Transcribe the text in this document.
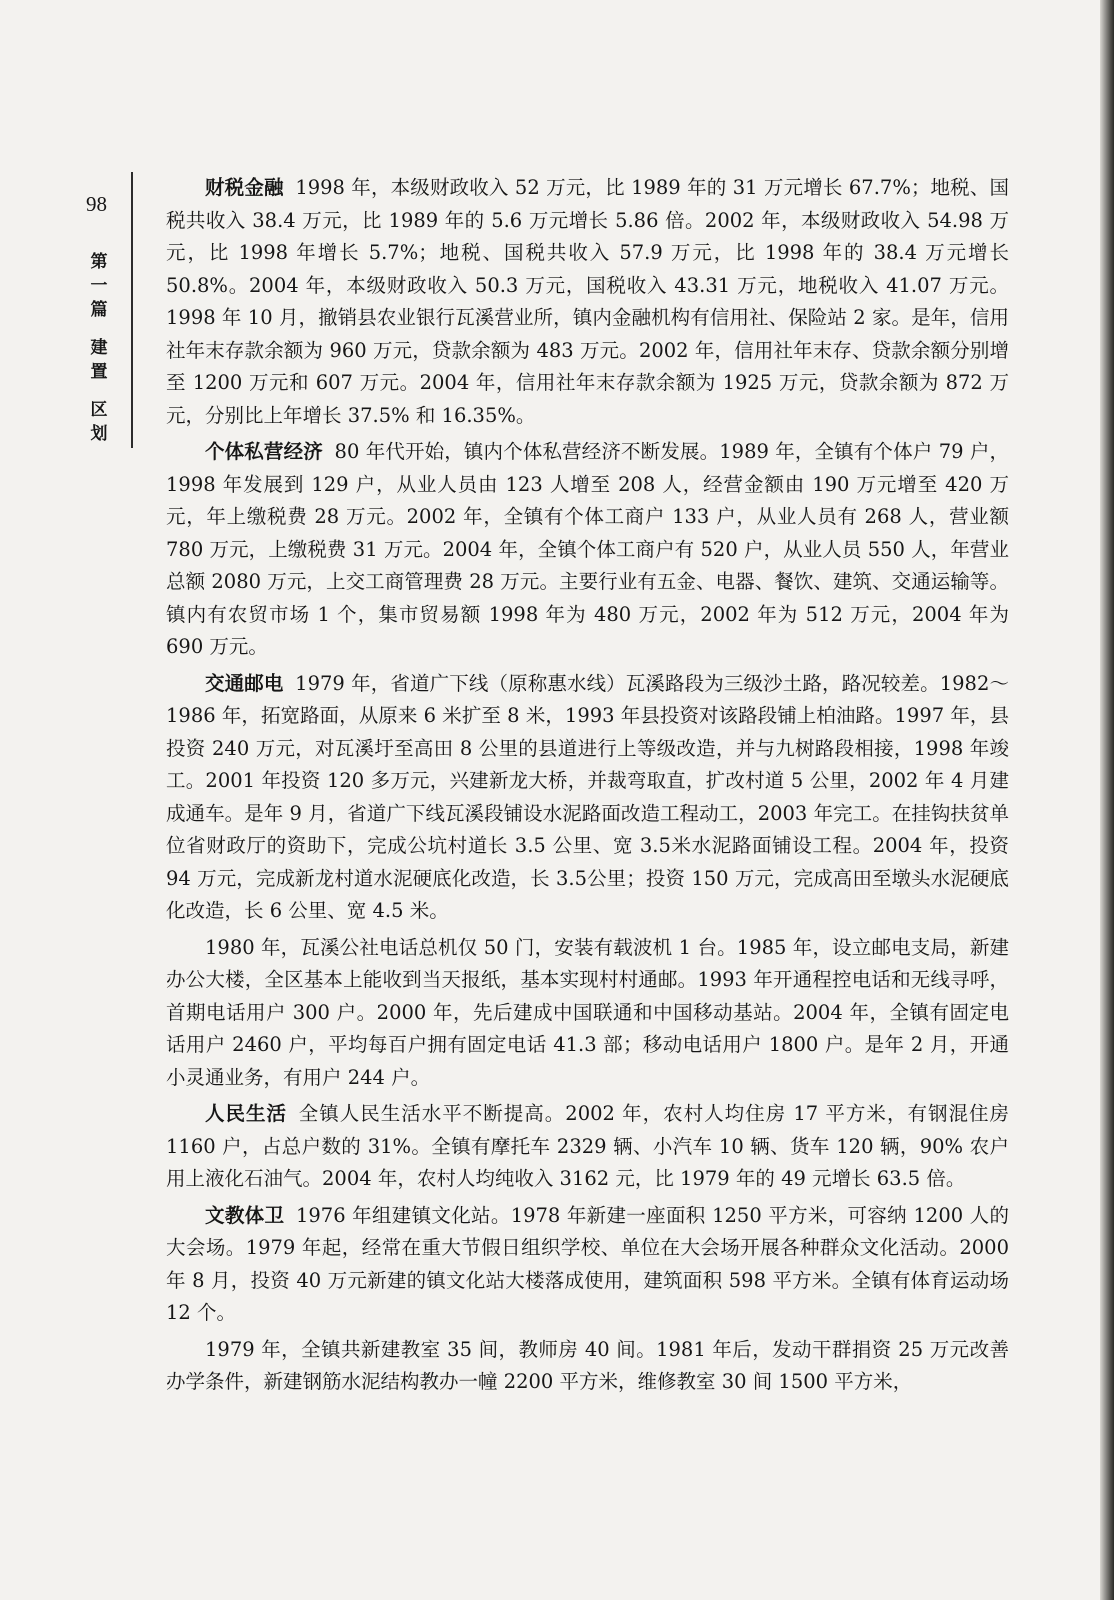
98
第
一
篇
建
置
区
划

财税金融 1998 年，本级财政收入 52 万元，比 1989 年的 31 万元增长 67.7%；地税、国税共收入 38.4 万元，比 1989 年的 5.6 万元增长 5.86 倍。2002 年，本级财政收入 54.98 万元，比 1998 年增长 5.7%；地税、国税共收入 57.9 万元，比 1998 年的 38.4 万元增长 50.8%。2004 年，本级财政收入 50.3 万元，国税收入 43.31 万元，地税收入 41.07 万元。1998 年 10 月，撤销县农业银行瓦溪营业所，镇内金融机构有信用社、保险站 2 家。是年，信用社年末存款余额为 960 万元，贷款余额为 483 万元。2002 年，信用社年末存、贷款余额分别增至 1200 万元和 607 万元。2004 年，信用社年末存款余额为 1925 万元，贷款余额为 872 万元，分别比上年增长 37.5% 和 16.35%。

个体私营经济 80 年代开始，镇内个体私营经济不断发展。1989 年，全镇有个体户 79 户，1998 年发展到 129 户，从业人员由 123 人增至 208 人，经营金额由 190 万元增至 420 万元，年上缴税费 28 万元。2002 年，全镇有个体工商户 133 户，从业人员有 268 人，营业额 780 万元，上缴税费 31 万元。2004 年，全镇个体工商户有 520 户，从业人员 550 人，年营业总额 2080 万元，上交工商管理费 28 万元。主要行业有五金、电器、餐饮、建筑、交通运输等。镇内有农贸市场 1 个，集市贸易额 1998 年为 480 万元，2002 年为 512 万元，2004 年为 690 万元。

交通邮电 1979 年，省道广下线（原称惠水线）瓦溪路段为三级沙土路，路况较差。1982～1986 年，拓宽路面，从原来 6 米扩至 8 米，1993 年县投资对该路段铺上柏油路。1997 年，县投资 240 万元，对瓦溪圩至高田 8 公里的县道进行上等级改造，并与九树路段相接，1998 年竣工。2001 年投资 120 多万元，兴建新龙大桥，并裁弯取直，扩改村道 5 公里，2002 年 4 月建成通车。是年 9 月，省道广下线瓦溪段铺设水泥路面改造工程动工，2003 年完工。在挂钩扶贫单位省财政厅的资助下，完成公坑村道长 3.5 公里、宽 3.5米水泥路面铺设工程。2004 年，投资 94 万元，完成新龙村道水泥硬底化改造，长 3.5公里；投资 150 万元，完成高田至墩头水泥硬底化改造，长 6 公里、宽 4.5 米。

1980 年，瓦溪公社电话总机仅 50 门，安装有载波机 1 台。1985 年，设立邮电支局，新建办公大楼，全区基本上能收到当天报纸，基本实现村村通邮。1993 年开通程控电话和无线寻呼，首期电话用户 300 户。2000 年，先后建成中国联通和中国移动基站。2004 年，全镇有固定电话用户 2460 户，平均每百户拥有固定电话 41.3 部；移动电话用户 1800 户。是年 2 月，开通小灵通业务，有用户 244 户。

人民生活 全镇人民生活水平不断提高。2002 年，农村人均住房 17 平方米，有钢混住房 1160 户，占总户数的 31%。全镇有摩托车 2329 辆、小汽车 10 辆、货车 120 辆，90% 农户用上液化石油气。2004 年，农村人均纯收入 3162 元，比 1979 年的 49 元增长 63.5 倍。

文教体卫 1976 年组建镇文化站。1978 年新建一座面积 1250 平方米，可容纳 1200 人的大会场。1979 年起，经常在重大节假日组织学校、单位在大会场开展各种群众文化活动。2000 年 8 月，投资 40 万元新建的镇文化站大楼落成使用，建筑面积 598 平方米。全镇有体育运动场 12 个。

1979 年，全镇共新建教室 35 间，教师房 40 间。1981 年后，发动干群捐资 25 万元改善办学条件，新建钢筋水泥结构教办一幢 2200 平方米，维修教室 30 间 1500 平方米，
